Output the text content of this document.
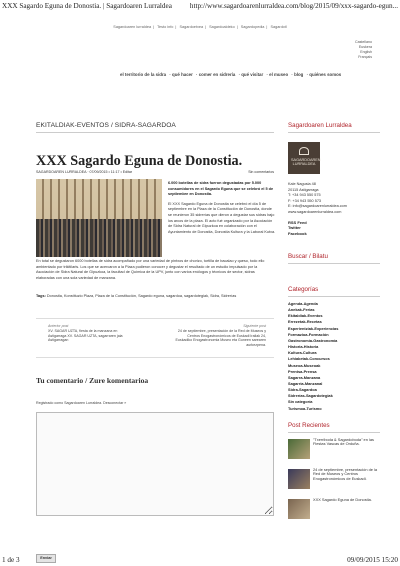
XXX Sagardo Eguna de Donostia. | Sagardoaren Lurraldea http://www.sagardoarenlurraldea.com/blog/2015/09/xxx-sagardo-egun...
Sagardoaren lurraldea | Testo info | Sagardoetxea | Sagardoaldeko | Sagardopedia | Sagardotl
Castellano
Euskera
English
Français
el territorio de la sidra · qué hacer · comer en sidrería · qué visitar · el museo · blog · quiénes somos
EKITALDIAK-EVENTOS / SIDRA-SAGARDOA
XXX Sagardo Eguna de Donostia.
SAGARDOAREN LURRALDEA · 07/09/2015 • 11:17 • Editar	Sin comentarios

6.000 botellas de sidra fueron degustadas por 5.000 consumidores en el Sagardo Eguna que se celebró el 5 de septiembre en Donostia.

El XXX Sagardo Eguna de Donostia se celebró el día 5 de septiembre en la Plaza de la Constitución de Donostia, donde se reunieron 35 sidrerías que dieron a degustar sus sidras bajo los arcos de la plaza. El acto fué organizado por la Asociación de Sidra Natural de Gipuzkoa en colaboración con el Ayuntamiento de Donostia, Donostia Kultura y la Laboral Kutxa.

En total se degustaron 6000 botellas de sidra acompañado por una variedad de pintxos de chorizo, tortilla de bacalao y queso, todo ello ambientado por trikitilaris. Los que se acercaron a la Plaza pudieron conocer y degustar el resultado de un estudio impulsado por la Asociación de Sidra Natural de Gipuzkoa, la facultad de Química de la UPV, junto con varios enólogos y técnicos de sector, sidras elaboradas con una sola variedad de manzana.

Tags: Donostia, Konstituzio Plaza, Plaza de la Constitución, Sagardo eguna, sagardoa, sagardotegiak, Sidra, Sidrerías
Anterior post
XV. SAGAR UZTA, fiesta de la manzana en Astigarraga XV. SAGAR UZTA, sagarraren jaia Astigarragan
Siguiente post
24 de septiembre, presentación de la Red de Museos y Centros Enogastronómicos de Euskadi Irailak 24, Euskadiko Enogastronomia Museo eta Guneen sarearen aurkezpena.
Tu comentario / Zure komentarioa
Registrado como Sagardoaren Lurraldea. Desconectar »
Enviar
Sagardoaren Lurraldea
SAGARDOAREN
LURRALDEA
Kale Nagusia 48
20115 Astigarraga
T: +34 943 550 575
F: +34 943 550 573
E: info@sagardoarenlurraldea.com
www.sagardoarenlurraldea.com
RSS Feed
Twitter
Facebook
Buscar / Bilatu
Categorías
Agenda-Agenda
Anekak-Ferias
Ekitaldiak-Eventos
Errezetak-Recetas
Esperientziak-Experiencias
Formazioa-Formación
Gastronomía-Gastronomía
Historia-Historia
Kultura-Cultura
Lehiaketak-Concursos
Museoa-Museoak
Prentsa-Prensa
Sagarra-Manzana
Sagarria-Manzanal
Sidra-Sagardoa
Sidrerías-Sagardotegiak
Sin categoría
Turismoa-Turismo
Post Recientes
"Txerriboda & Sagardoboda" en las Fiestas Vascas de Orduña.
24 de septiembre, presentación de la Red de Museos y Centros Enogastronómicos de Euskadi.
XXX Sagardo Eguna de Donostia.
1 de 3	09/09/2015 15:20
